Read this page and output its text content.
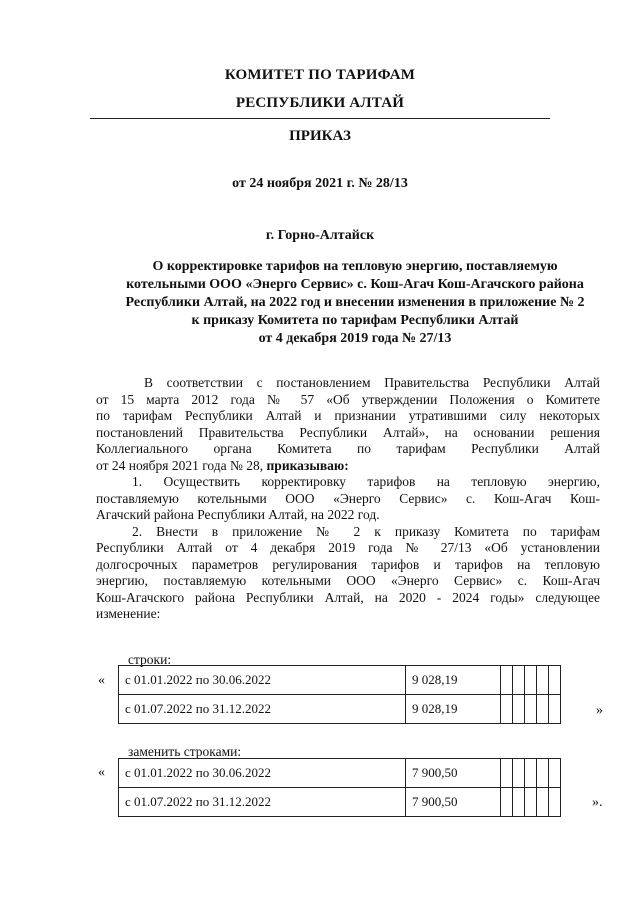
КОМИТЕТ ПО ТАРИФАМ

РЕСПУБЛИКИ АЛТАЙ

ПРИКАЗ

от 24 ноября 2021 г. № 28/13

г. Горно-Алтайск

О корректировке тарифов на тепловую энергию, поставляемую

котельными ООО «Энерго Сервис» с. Кош-Агач Кош-Агачского района

Республики Алтай, на 2022 год и внесении изменения в приложение № 2

к приказу Комитета по тарифам Республики Алтай

от 4 декабря 2019 года № 27/13

В соответствии с постановлением Правительства Республики Алтай

от 15 марта 2012 года № 57 «Об утверждении Положения о Комитете

по тарифам Республики Алтай и признании утратившими силу некоторых

постановлений Правительства Республики Алтай», на основании решения

Коллегиального органа Комитета по тарифам Республики Алтай

от 24 ноября 2021 года № 28, приказываю:

1. Осуществить корректировку тарифов на тепловую энергию,

поставляемую котельными ООО «Энерго Сервис» с. Кош-Агач Кош-

Агачский района Республики Алтай, на 2022 год.

2. Внести в приложение № 2 к приказу Комитета по тарифам

Республики Алтай от 4 декабря 2019 года № 27/13 «Об установлении

долгосрочных параметров регулирования тарифов и тарифов на тепловую

энергию, поставляемую котельными ООО «Энерго Сервис» с. Кош-Агач

Кош-Агачского района Республики Алтай, на 2020 - 2024 годы» следующее

изменение:

строки:

« с 01.01.2022 по 30.06.2022	9 028,19					
с 01.07.2022 по 31.12.2022	9 028,19						»

заменить строками:

« с 01.01.2022 по 30.06.2022	7 900,50					
с 01.07.2022 по 31.12.2022	7 900,50						».
